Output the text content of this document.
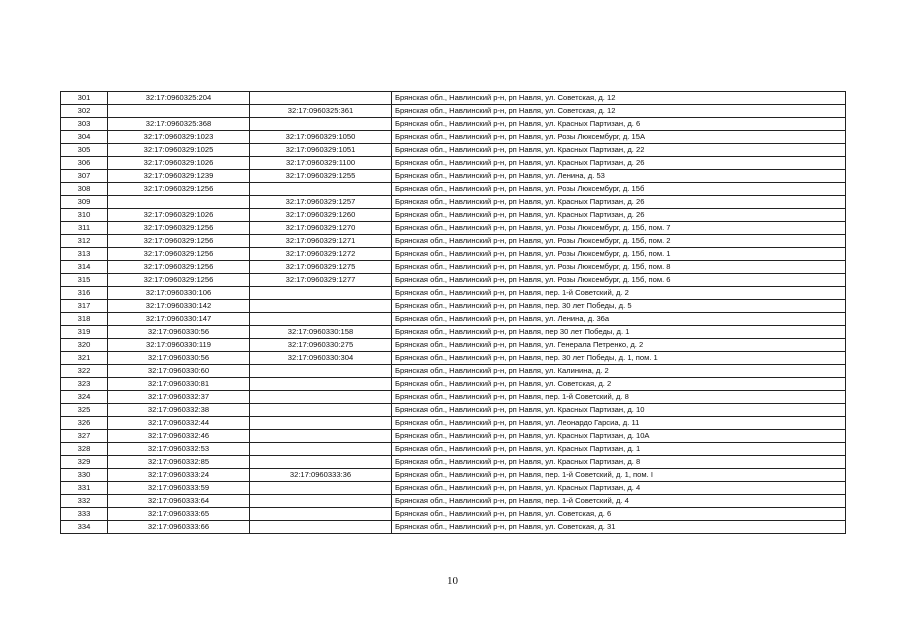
301	32:17:0960325:204		Брянская обл., Навлинский р-н, рп Навля, ул. Советская, д. 12
302		32:17:0960325:361	Брянская обл., Навлинский р-н, рп Навля, ул. Советская, д. 12
303	32:17:0960325:368		Брянская обл., Навлинский р-н, рп Навля, ул. Красных Партизан, д. 6
304	32:17:0960329:1023	32:17:0960329:1050	Брянская обл., Навлинский р-н, рп Навля, ул. Розы Люксембург, д. 15А
305	32:17:0960329:1025	32:17:0960329:1051	Брянская обл., Навлинский р-н, рп Навля, ул. Красных Партизан, д. 22
306	32:17:0960329:1026	32:17:0960329:1100	Брянская обл., Навлинский р-н, рп Навля, ул. Красных Партизан, д. 26
307	32:17:0960329:1239	32:17:0960329:1255	Брянская обл., Навлинский р-н, рп Навля, ул. Ленина, д. 53
308	32:17:0960329:1256		Брянская обл., Навлинский р-н, рп Навля, ул. Розы Люксембург, д. 15б
309		32:17:0960329:1257	Брянская обл., Навлинский р-н, рп Навля, ул. Красных Партизан, д. 26
310	32:17:0960329:1026	32:17:0960329:1260	Брянская обл., Навлинский р-н, рп Навля, ул. Красных Партизан, д. 26
311	32:17:0960329:1256	32:17:0960329:1270	Брянская обл., Навлинский р-н, рп Навля, ул. Розы Люксембург, д. 15б, пом. 7
312	32:17:0960329:1256	32:17:0960329:1271	Брянская обл., Навлинский р-н, рп Навля, ул. Розы Люксембург, д. 15б, пом. 2
313	32:17:0960329:1256	32:17:0960329:1272	Брянская обл., Навлинский р-н, рп Навля, ул. Розы Люксембург, д. 15б, пом. 1
314	32:17:0960329:1256	32:17:0960329:1275	Брянская обл., Навлинский р-н, рп Навля, ул. Розы Люксембург, д. 15б, пом. 8
315	32:17:0960329:1256	32:17:0960329:1277	Брянская обл., Навлинский р-н, рп Навля, ул. Розы Люксембург, д. 15б, пом. 6
316	32:17:0960330:106		Брянская обл., Навлинский р-н, рп Навля, пер. 1-й Советский, д. 2
317	32:17:0960330:142		Брянская обл., Навлинский р-н, рп Навля, пер. 30 лет Победы, д. 5
318	32:17:0960330:147		Брянская обл., Навлинский р-н, рп Навля, ул. Ленина, д. 36а
319	32:17:0960330:56	32:17:0960330:158	Брянская обл., Навлинский р-н, рп Навля, пер 30 лет Победы, д. 1
320	32:17:0960330:119	32:17:0960330:275	Брянская обл., Навлинский р-н, рп Навля, ул. Генерала Петренко, д. 2
321	32:17:0960330:56	32:17:0960330:304	Брянская обл., Навлинский р-н, рп Навля, пер. 30 лет Победы, д. 1, пом. 1
322	32:17:0960330:60		Брянская обл., Навлинский р-н, рп Навля, ул. Калинина, д. 2
323	32:17:0960330:81		Брянская обл., Навлинский р-н, рп Навля, ул. Советская, д. 2
324	32:17:0960332:37		Брянская обл., Навлинский р-н, рп Навля, пер. 1-й Советский, д. 8
325	32:17:0960332:38		Брянская обл., Навлинский р-н, рп Навля, ул. Красных Партизан, д. 10
326	32:17:0960332:44		Брянская обл., Навлинский р-н, рп Навля, ул. Леонардо Гарсиа, д. 11
327	32:17:0960332:46		Брянская обл., Навлинский р-н, рп Навля, ул. Красных Партизан, д. 10А
328	32:17:0960332:53		Брянская обл., Навлинский р-н, рп Навля, ул. Красных Партизан, д. 1
329	32:17:0960332:85		Брянская обл., Навлинский р-н, рп Навля, ул. Красных Партизан, д. 8
330	32:17:0960333:24	32:17:0960333:36	Брянская обл., Навлинский р-н, рп Навля, пер. 1-й Советский, д. 1, пом. I
331	32:17:0960333:59		Брянская обл., Навлинский р-н, рп Навля, ул. Красных Партизан, д. 4
332	32:17:0960333:64		Брянская обл., Навлинский р-н, рп Навля, пер. 1-й Советский, д. 4
333	32:17:0960333:65		Брянская обл., Навлинский р-н, рп Навля, ул. Советская, д. 6
334	32:17:0960333:66		Брянская обл., Навлинский р-н, рп Навля, ул. Советская, д. 31
10
